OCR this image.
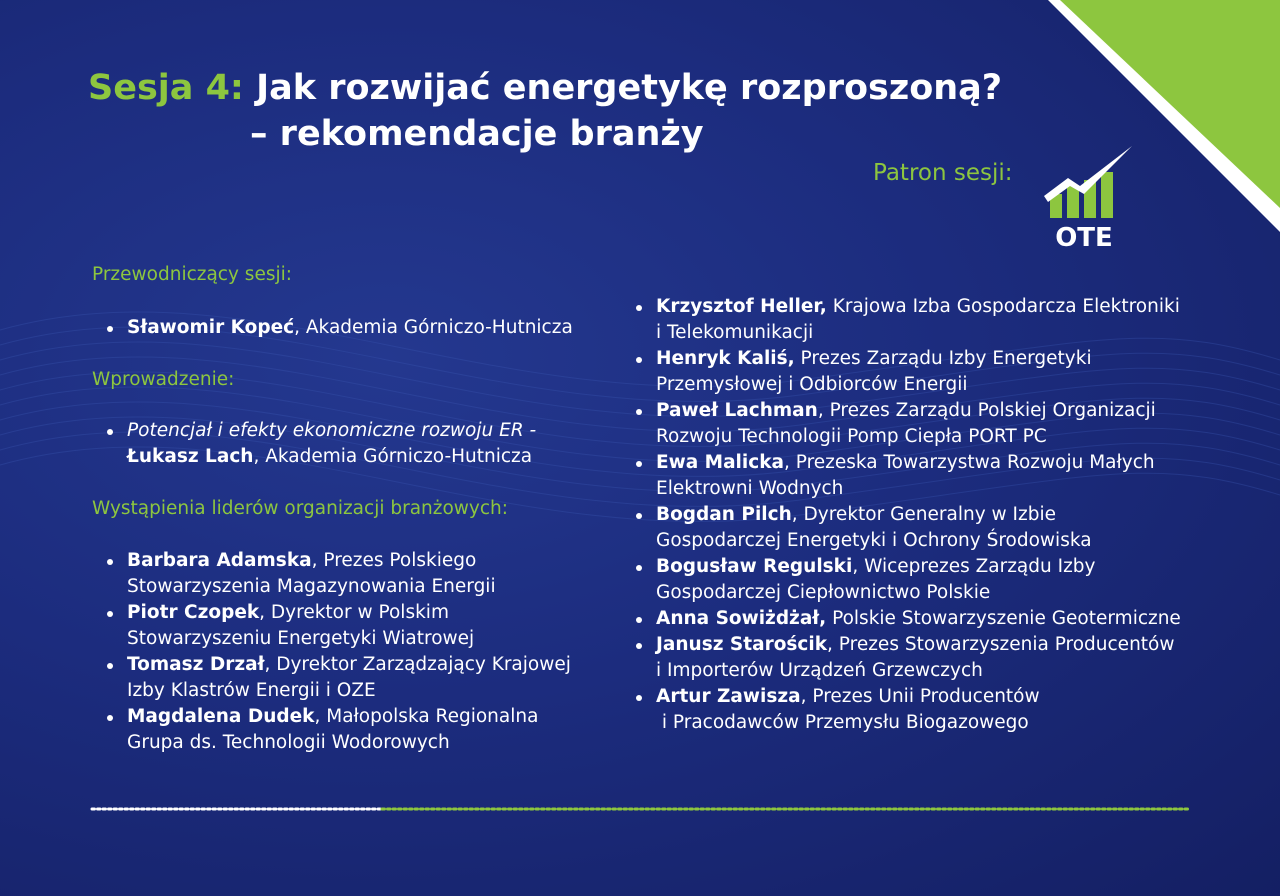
Sesja 4: Jak rozwijać energetykę rozproszoną?
– rekomendacje branży
Patron sesji:
OTE
Przewodniczący sesji:
Sławomir Kopeć, Akademia Górniczo-Hutnicza
Wprowadzenie:
Potencjał i efekty ekonomiczne rozwoju ER -
Łukasz Lach, Akademia Górniczo-Hutnicza
Wystąpienia liderów organizacji branżowych:
Barbara Adamska, Prezes Polskiego
Stowarzyszenia Magazynowania Energii
Piotr Czopek, Dyrektor w Polskim
Stowarzyszeniu Energetyki Wiatrowej
Tomasz Drzał, Dyrektor Zarządzający Krajowej
Izby Klastrów Energii i OZE
Magdalena Dudek, Małopolska Regionalna
Grupa ds. Technologii Wodorowych
Krzysztof Heller, Krajowa Izba Gospodarcza Elektroniki
i Telekomunikacji
Henryk Kaliś, Prezes Zarządu Izby Energetyki
Przemysłowej i Odbiorców Energii
Paweł Lachman, Prezes Zarządu Polskiej Organizacji
Rozwoju Technologii Pomp Ciepła PORT PC
Ewa Malicka, Prezeska Towarzystwa Rozwoju Małych
Elektrowni Wodnych
Bogdan Pilch, Dyrektor Generalny w Izbie
Gospodarczej Energetyki i Ochrony Środowiska
Bogusław Regulski, Wiceprezes Zarządu Izby
Gospodarczej Ciepłownictwo Polskie
Anna Sowiżdżał, Polskie Stowarzyszenie Geotermiczne
Janusz Starościk, Prezes Stowarzyszenia Producentów
i Importerów Urządzeń Grzewczych
Artur Zawisza, Prezes Unii Producentów
i Pracodawców Przemysłu Biogazowego
